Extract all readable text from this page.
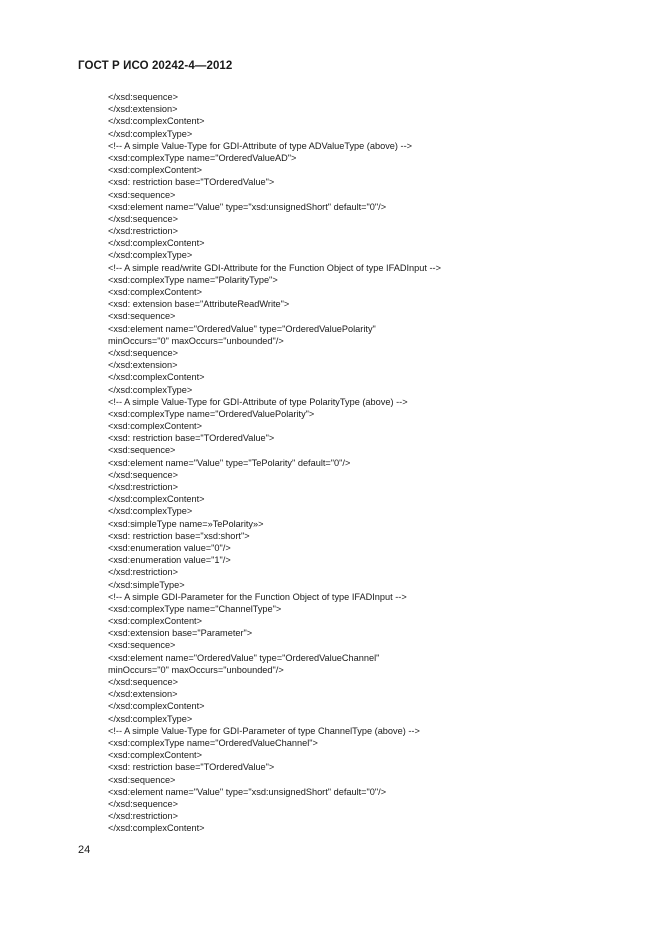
ГОСТ Р ИСО 20242-4—2012
</xsd:sequence>
</xsd:extension>
</xsd:complexContent>
</xsd:complexType>
<!-- A simple Value-Type for GDI-Attribute of type ADValueType (above) -->
<xsd:complexType name="OrderedValueAD">
<xsd:complexContent>
<xsd: restriction base="TOrderedValue">
<xsd:sequence>
<xsd:element name="Value" type="xsd:unsignedShort" default="0"/>
</xsd:sequence>
</xsd:restriction>
</xsd:complexContent>
</xsd:complexType>
<!-- A simple read/write GDI-Attribute for the Function Object of type IFADInput -->
<xsd:complexType name="PolarityType">
<xsd:complexContent>
<xsd: extension base="AttributeReadWrite">
<xsd:sequence>
<xsd:element name="OrderedValue" type="OrderedValuePolarity"
minOccurs="0" maxOccurs="unbounded"/>
</xsd:sequence>
</xsd:extension>
</xsd:complexContent>
</xsd:complexType>
<!-- A simple Value-Type for GDI-Attribute of type PolarityType (above) -->
<xsd:complexType name="OrderedValuePolarity">
<xsd:complexContent>
<xsd: restriction base="TOrderedValue">
<xsd:sequence>
<xsd:element name="Value" type="TePolarity" default="0"/>
</xsd:sequence>
</xsd:restriction>
</xsd:complexContent>
</xsd:complexType>
<xsd:simpleType name=»TePolarity»>
<xsd: restriction base="xsd:short">
<xsd:enumeration value="0"/>
<xsd:enumeration value="1"/>
</xsd:restriction>
</xsd:simpleType>
<!-- A simple GDI-Parameter for the Function Object of type IFADInput -->
<xsd:complexType name="ChannelType">
<xsd:complexContent>
<xsd:extension base="Parameter">
<xsd:sequence>
<xsd:element name="OrderedValue" type="OrderedValueChannel"
minOccurs="0" maxOccurs="unbounded"/>
</xsd:sequence>
</xsd:extension>
</xsd:complexContent>
</xsd:complexType>
<!-- A simple Value-Type for GDI-Parameter of type ChannelType (above) -->
<xsd:complexType name="OrderedValueChannel">
<xsd:complexContent>
<xsd: restriction base="TOrderedValue">
<xsd:sequence>
<xsd:element name="Value" type="xsd:unsignedShort" default="0"/>
</xsd:sequence>
</xsd:restriction>
</xsd:complexContent>
24
